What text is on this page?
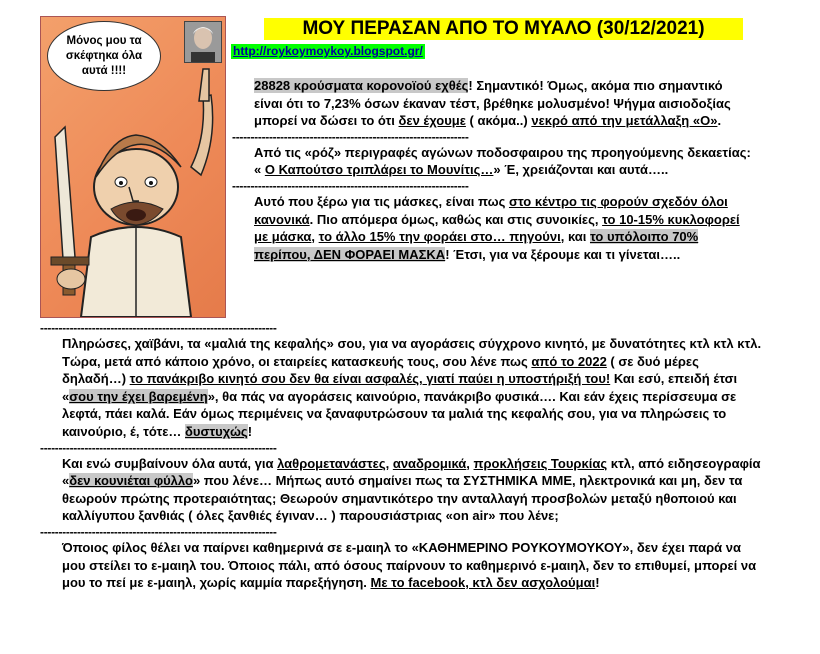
Μόνος μου τα σκέφτηκα όλα αυτά !!!!
ΜΟΥ ΠΕΡΑΣΑΝ ΑΠΟ ΤΟ ΜΥΑΛΟ (30/12/2021)
http://roykoymoykoy.blogspot.gr/

28828 κρούσματα κορονοϊού εχθές! Σημαντικό! Όμως, ακόμα πιο σημαντικό είναι ότι το 7,23% όσων έκαναν τέστ, βρέθηκε μολυσμένο! Ψήγμα αισιοδοξίας μπορεί να δώσει το ότι δεν έχουμε ( ακόμα..) νεκρό από την μετάλλαξη «Ο».

----------------------------------------------------------------

Από τις «ρόζ» περιγραφές αγώνων ποδοσφαιρου της προηγούμενης δεκαετίας: « Ο Καπούτσο τριπλάρει το Μουνίτις…» Έ, χρειάζονται και αυτά…..

----------------------------------------------------------------

Αυτό που ξέρω για τις μάσκες, είναι πως στο κέντρο τις φορούν σχεδόν όλοι κανονικά. Πιο απόμερα όμως, καθώς και στις συνοικίες, το 10-15% κυκλοφορεί με μάσκα, το άλλο 15% την φοράει στο… πηγούνι, και το υπόλοιπο 70% περίπου, ΔΕΝ ΦΟΡΑΕΙ ΜΑΣΚΑ! Έτσι, για να ξέρουμε και τι γίνεται…..

----------------------------------------------------------------

Πληρώσες, χαϊβάνι, τα «μαλιά της κεφαλής» σου, για να αγοράσεις σύγχρονο κινητό, με δυνατότητες κτλ κτλ κτλ. Τώρα, μετά από κάποιο χρόνο, οι εταιρείες κατασκευής τους, σου λένε πως από το 2022 ( σε δυό μέρες δηλαδή…) το πανάκριβο κινητό σου δεν θα είναι ασφαλές, γιατί παύει η υποστήριξή του! Και εσύ, επειδή έτσι «σου την έχει βαρεμένη», θα πάς να αγοράσεις καινούριο, πανάκριβο φυσικά…. Και εάν έχεις περίσσευμα σε λεφτά, πάει καλά. Εάν όμως περιμένεις να ξαναφυτρώσουν τα μαλιά της κεφαλής σου, για να πληρώσεις το καινούριο, έ, τότε… δυστυχώς!

----------------------------------------------------------------

Και ενώ συμβαίνουν όλα αυτά, για λαθρομετανάστες, αναδρομικά, προκλήσεις Τουρκίας κτλ, από ειδησεογραφία «δεν κουνιέται φύλλο» που λένε… Μήπως αυτό σημαίνει πως τα ΣΥΣΤΗΜΙΚΑ ΜΜΕ, ηλεκτρονικά και μη, δεν τα θεωρούν πρώτης προτεραιότητας; Θεωρούν σημαντικότερο την ανταλλαγή προσβολών μεταξύ ηθοποιού και καλλίγυπου ξανθιάς ( όλες ξανθιές έγιναν… ) παρουσιάστριας «on air» που λένε;

----------------------------------------------------------------

Όποιος φίλος θέλει να παίρνει καθημερινά σε ε-μαιηλ το «ΚΑΘΗΜΕΡΙΝΟ ΡΟΥΚΟΥΜΟΥΚΟΥ», δεν έχει παρά να μου στείλει το ε-μαιηλ του. Όποιος πάλι, από όσους παίρνουν το καθημερινό ε-μαιηλ, δεν το επιθυμεί, μπορεί να μου το πεί με ε-μαιηλ, χωρίς καμμία παρεξήγηση. Με το facebook, κτλ δεν ασχολούμαι!
